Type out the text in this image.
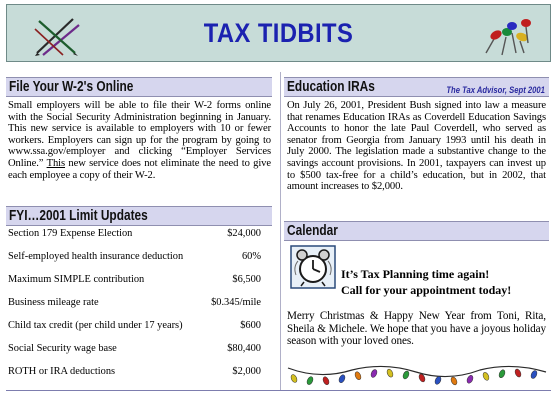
TAX TIDBITS
File Your W-2's Online
Small employers will be able to file their W-2 forms online with the Social Security Administration beginning in January. This new service is available to employers with 10 or fewer workers. Employers can sign up for the program by going to www.ssa.gov/employer and clicking “Employer Services Online.” This new service does not eliminate the need to give each employee a copy of their W-2.
FYI…2001 Limit Updates
Section 179 Expense Election	$24,000
Self-employed health insurance deduction	60%
Maximum SIMPLE contribution	$6,500
Business mileage rate	$0.345/mile
Child tax credit (per child under 17 years)	$600
Social Security wage base	$80,400
ROTH or IRA deductions	$2,000
Education IRAs	The Tax Advisor, Sept 2001
On July 26, 2001, President Bush signed into law a measure that renames Education IRAs as Coverdell Education Savings Accounts to honor the late Paul Coverdell, who served as senator from Georgia from January 1993 until his death in July 2000. The legislation made a substantive change to the savings account provisions. In 2001, taxpayers can invest up to $500 tax-free for a child’s education, but in 2002, that amount increases to $2,000.
Calendar
It’s Tax Planning time again!
Call for your appointment today!
Merry Christmas & Happy New Year from Toni, Rita, Sheila & Michele. We hope that you have a joyous holiday season with your loved ones.
